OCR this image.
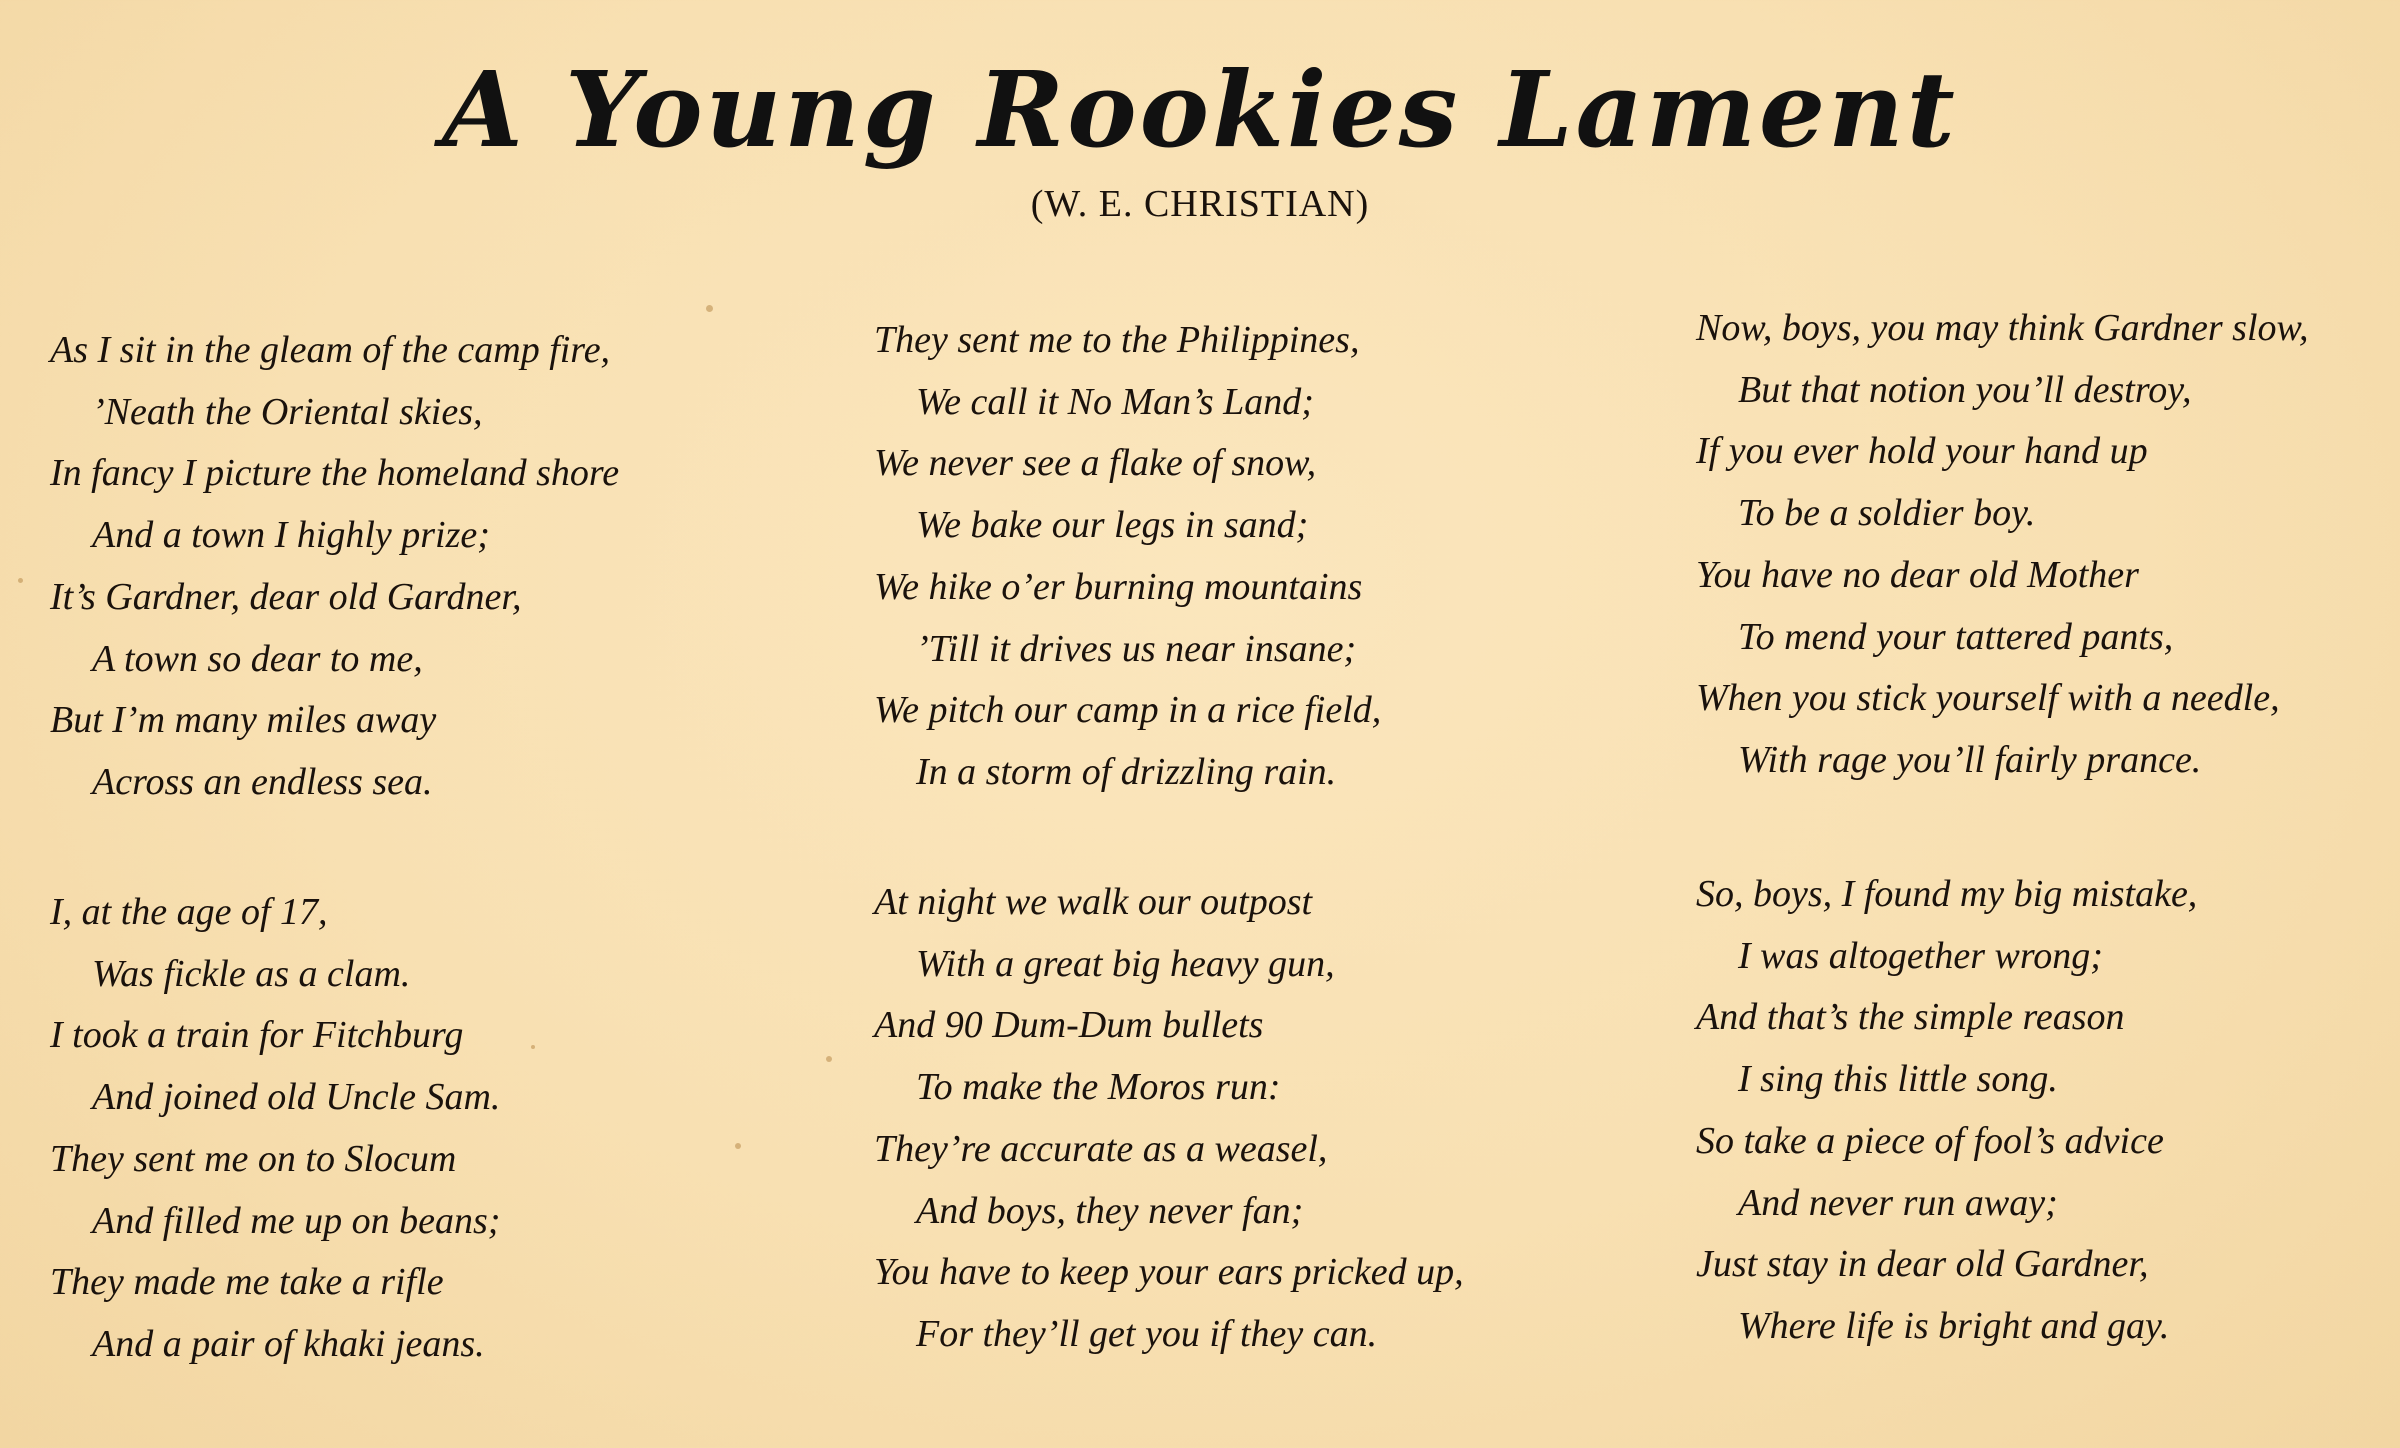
A Young Rookies Lament
(W. E. CHRISTIAN)
As I sit in the gleam of the camp fire,
’Neath the Oriental skies,
In fancy I picture the homeland shore
And a town I highly prize;
It’s Gardner, dear old Gardner,
A town so dear to me,
But I’m many miles away
Across an endless sea.
I, at the age of 17,
Was fickle as a clam.
I took a train for Fitchburg
And joined old Uncle Sam.
They sent me on to Slocum
And filled me up on beans;
They made me take a rifle
And a pair of khaki jeans.
They sent me to the Philippines,
We call it No Man’s Land;
We never see a flake of snow,
We bake our legs in sand;
We hike o’er burning mountains
’Till it drives us near insane;
We pitch our camp in a rice field,
In a storm of drizzling rain.
At night we walk our outpost
With a great big heavy gun,
And 90 Dum-Dum bullets
To make the Moros run:
They’re accurate as a weasel,
And boys, they never fan;
You have to keep your ears pricked up,
For they’ll get you if they can.
Now, boys, you may think Gardner slow,
But that notion you’ll destroy,
If you ever hold your hand up
To be a soldier boy.
You have no dear old Mother
To mend your tattered pants,
When you stick yourself with a needle,
With rage you’ll fairly prance.
So, boys, I found my big mistake,
I was altogether wrong;
And that’s the simple reason
I sing this little song.
So take a piece of fool’s advice
And never run away;
Just stay in dear old Gardner,
Where life is bright and gay.
